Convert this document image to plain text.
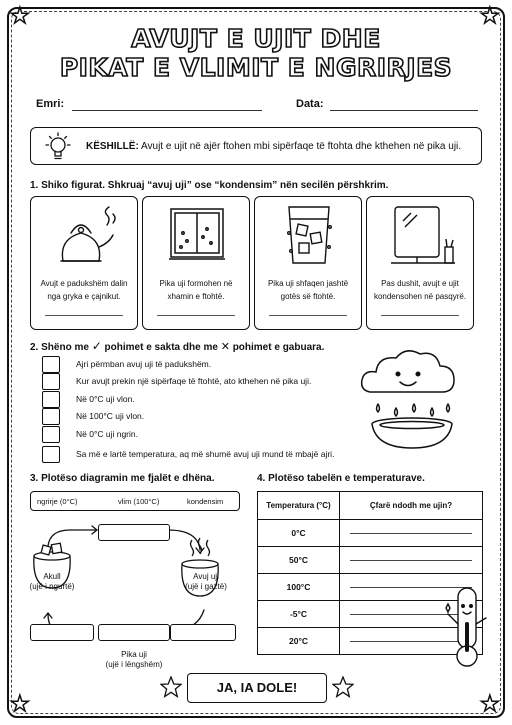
★	★
★	★
AVUJT E UJIT DHE
PIKAT E VLIMIT E NGRIRJES
Emri:	Data:
KËSHILLË: Avujt e ujit në ajër ftohen mbi sipërfaqe të ftohta dhe kthehen në pika uji.
1. Shiko figurat. Shkruaj “avuj uji” ose “kondensim” nën secilën përshkrim.
Avujt e padukshëm dalin nga gryka e çajnikut.
Pika uji formohen në xhamin e ftohtë.
Pika uji shfaqen jashtë gotës së ftohtë.
Pas dushit, avujt e ujit kondensohen në pasqyrë.
2. Shëno me ✓ pohimet e sakta dhe me ✕ pohimet e gabuara.
Ajri përmban avuj uji të padukshëm.
Kur avujt prekin një sipërfaqe të ftohtë, ato kthehen në pika uji.
Në 0°C uji vlon.
Në 100°C uji vlon.
Në 0°C uji ngrin.
Sa më e lartë temperatura, aq më shumë avuj uji mund të mbajë ajri.
3. Plotëso diagramin me fjalët e dhëna.
ngrirje (0°C)	vlim (100°C)	kondensim
Akull
(ujë i ngurtë)
Avuj uji
(ujë i gaztë)
Pika uji
(ujë i lëngshëm)
4. Plotëso tabelën e temperaturave.
Temperatura (°C)	Çfarë ndodh me ujin?
0°C	

50°C	

100°C	

-5°C	

20°C	
JA, IA DOLE!
